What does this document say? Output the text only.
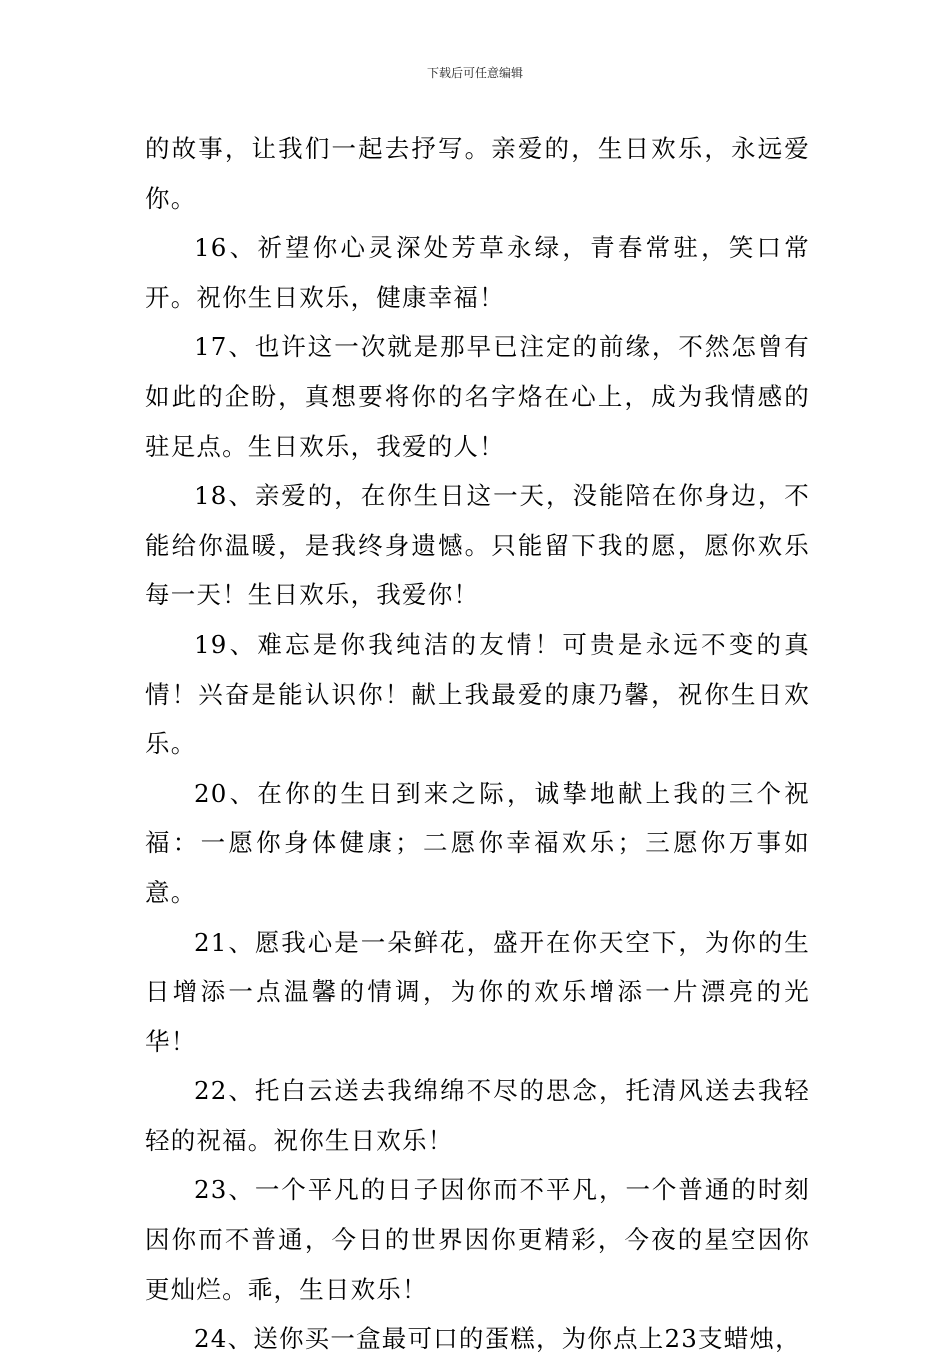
下载后可任意编辑

的故事，让我们一起去抒写。亲爱的，生日欢乐，永远爱你。

16、祈望你心灵深处芳草永绿，青春常驻，笑口常开。祝你生日欢乐，健康幸福！

17、也许这一次就是那早已注定的前缘，不然怎曾有如此的企盼，真想要将你的名字烙在心上，成为我情感的驻足点。生日欢乐，我爱的人！

18、亲爱的，在你生日这一天，没能陪在你身边，不能给你温暖，是我终身遗憾。只能留下我的愿，愿你欢乐每一天！生日欢乐，我爱你！

19、难忘是你我纯洁的友情！可贵是永远不变的真情！兴奋是能认识你！献上我最爱的康乃馨，祝你生日欢乐。

20、在你的生日到来之际，诚挚地献上我的三个祝福：一愿你身体健康；二愿你幸福欢乐；三愿你万事如意。

21、愿我心是一朵鲜花，盛开在你天空下，为你的生日增添一点温馨的情调，为你的欢乐增添一片漂亮的光华！

22、托白云送去我绵绵不尽的思念，托清风送去我轻轻的祝福。祝你生日欢乐！

23、一个平凡的日子因你而不平凡，一个普通的时刻因你而不普通，今日的世界因你更精彩，今夜的星空因你更灿烂。乖，生日欢乐！

24、送你买一盒最可口的蛋糕，为你点上23支蜡烛，
